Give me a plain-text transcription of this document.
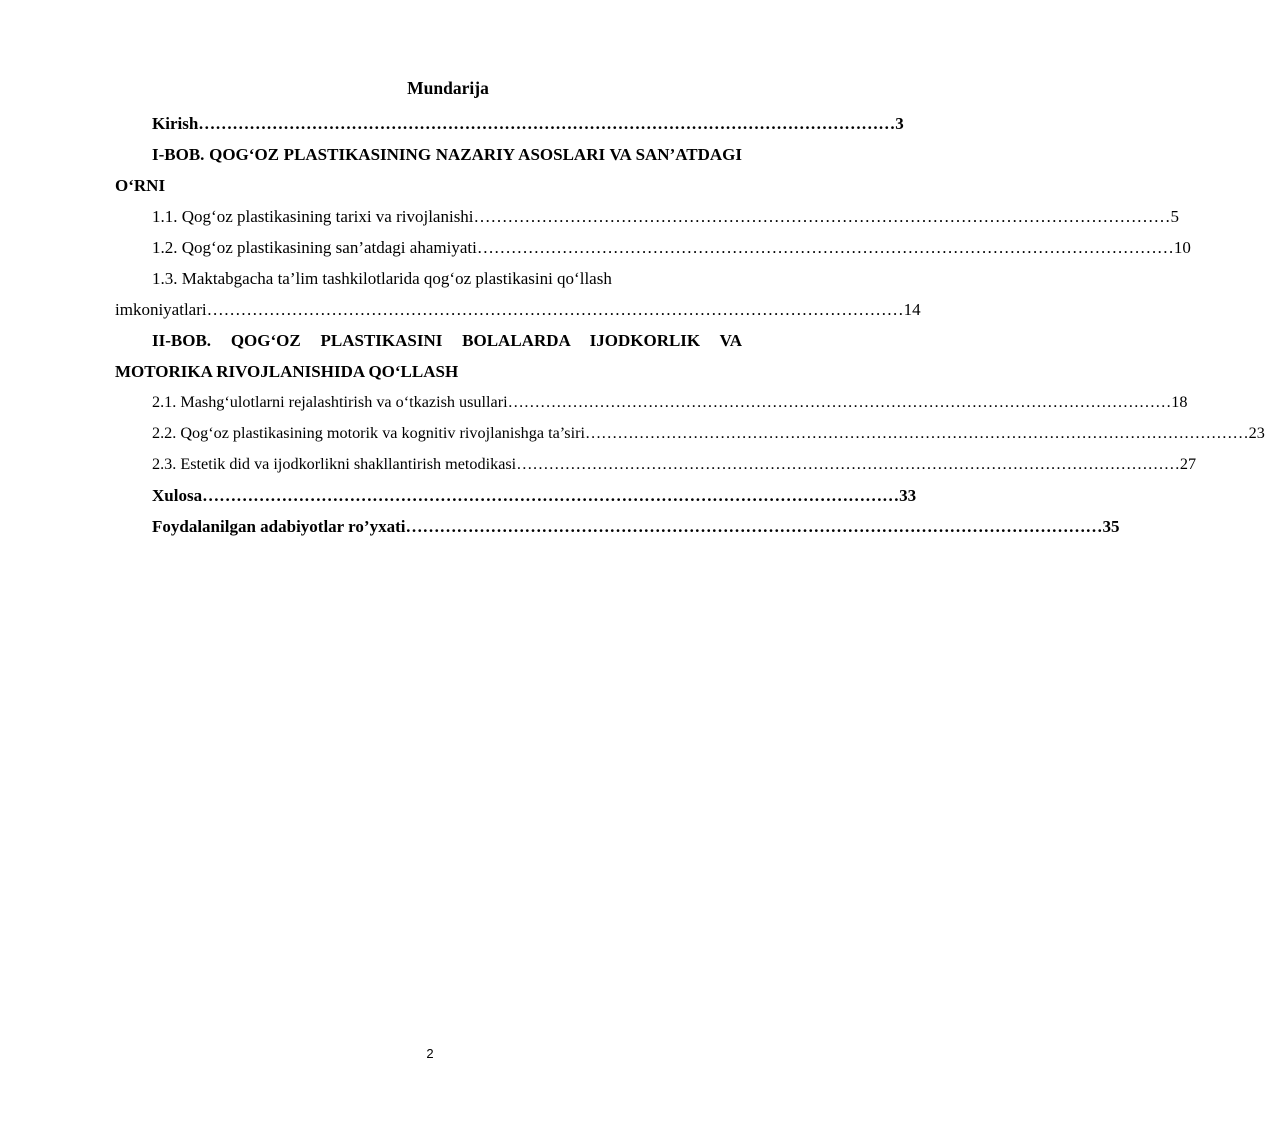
Mundarija
Kirish …………………………………………………………………………………………………………… 3
I-BOB. QOG‘OZ PLASTIKASINING NAZARIY ASOSLARI VA SAN’ATDAGI O‘RNI
1.1. Qog‘oz plastikasining tarixi va rivojlanishi …………………………………………………………………………………………………………… 5
1.2. Qog‘oz plastikasining san’atdagi ahamiyati …………………………………………………………………………………………………………… 10
1.3. Maktabgacha ta’lim tashkilotlarida qog‘oz plastikasini qo‘llash
imkoniyatlari …………………………………………………………………………………………………………… 14
II-BOB. QOG‘OZ PLASTIKASINI BOLALARDA IJODKORLIK VA MOTORIKA RIVOJLANISHIDA QO‘LLASH
2.1. Mashg‘ulotlarni rejalashtirish va o‘tkazish usullari …………………………………………………………………………………………………………… 18
2.2. Qog‘oz plastikasining motorik va kognitiv rivojlanishga ta’siri …………………………………………………………………………………………………………… 23
2.3. Estetik did va ijodkorlikni shakllantirish metodikasi …………………………………………………………………………………………………………… 27
Xulosa …………………………………………………………………………………………………………… 33
Foydalanilgan adabiyotlar ro’yxati …………………………………………………………………………………………………………… 35
2
